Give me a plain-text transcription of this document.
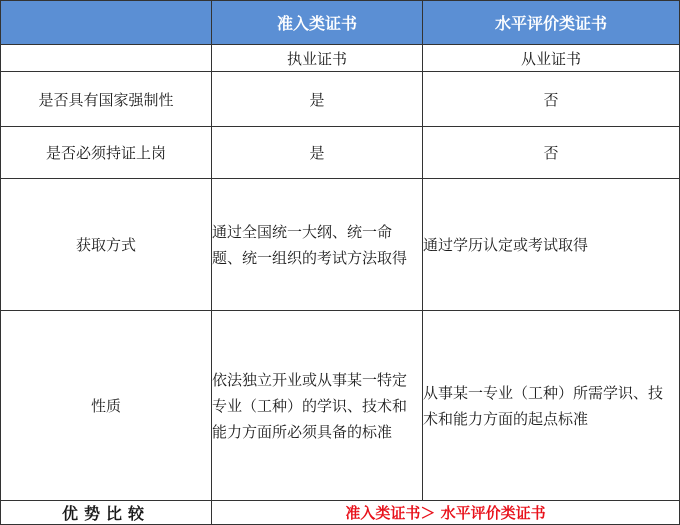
	准入类证书	水平评价类证书
	执业证书	从业证书
是否具有国家强制性	是	否
是否必须持证上岗	是	否
获取方式	通过全国统一大纲、统一命题、统一组织的考试方法取得	通过学历认定或考试取得

性质	依法独立开业或从事某一特定专业（工种）的学识、技术和能力方面所必须具备的标准	从事某一专业（工种）所需学识、技术和能力方面的起点标准

优势比较	准入类证书＞ 水平评价类证书	
